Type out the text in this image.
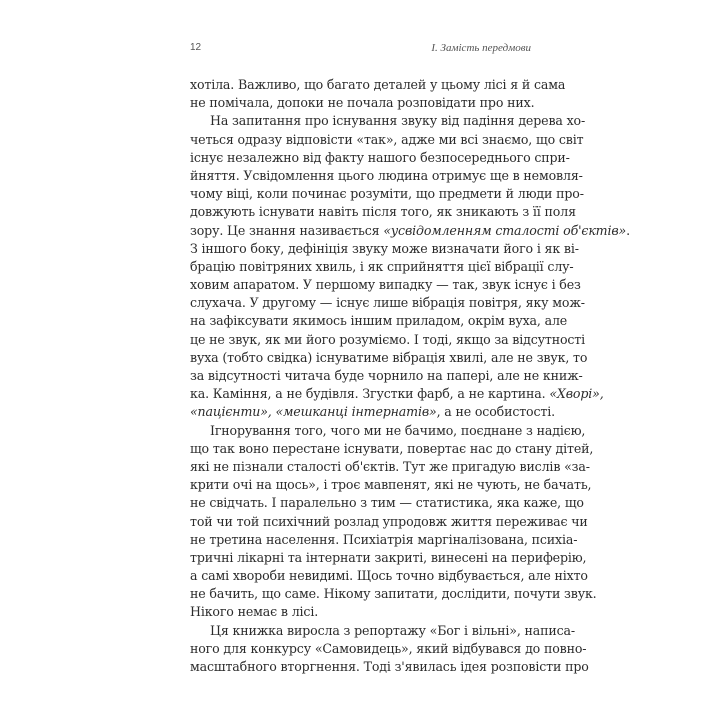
12	І. Замість передмови
хотіла. Важливо, що багато деталей у цьому лісі я й сама
не помічала, допоки не почала розповідати про них.
На запитання про існування звуку від падіння дерева хо-
четься одразу відповісти «так», адже ми всі знаємо, що світ
існує незалежно від факту нашого безпосереднього спри-
йняття. Усвідомлення цього людина отримує ще в немовля-
чому віці, коли починає розуміти, що предмети й люди про-
довжують існувати навіть після того, як зникають з її поля
зору. Це знання називається «усвідомленням сталості об'єктів».
З іншого боку, дефініція звуку може визначати його і як ві-
брацію повітряних хвиль, і як сприйняття цієї вібрації слу-
ховим апаратом. У першому випадку — так, звук існує і без
слухача. У другому — існує лише вібрація повітря, яку мож-
на зафіксувати якимось іншим приладом, окрім вуха, але
це не звук, як ми його розуміємо. І тоді, якщо за відсутності
вуха (тобто свідка) існуватиме вібрація хвилі, але не звук, то
за відсутності читача буде чорнило на папері, але не книж-
ка. Каміння, а не будівля. Згустки фарб, а не картина. «Хворі»,
«пацієнти», «мешканці інтернатів», а не особистості.
Ігнорування того, чого ми не бачимо, поєднане з надією,
що так воно перестане існувати, повертає нас до стану дітей,
які не пізнали сталості об'єктів. Тут же пригадую вислів «за-
крити очі на щось», і троє мавпенят, які не чують, не бачать,
не свідчать. І паралельно з тим — статистика, яка каже, що
той чи той психічний розлад упродовж життя переживає чи
не третина населення. Психіатрія маргіналізована, психіа-
тричні лікарні та інтернати закриті, винесені на периферію,
а самі хвороби невидимі. Щось точно відбувається, але ніхто
не бачить, що саме. Нікому запитати, дослідити, почути звук.
Нікого немає в лісі.
Ця книжка виросла з репортажу «Бог і вільні», написа-
ного для конкурсу «Самовидець», який відбувався до повно-
масштабного вторгнення. Тоді з'явилась ідея розповісти про
